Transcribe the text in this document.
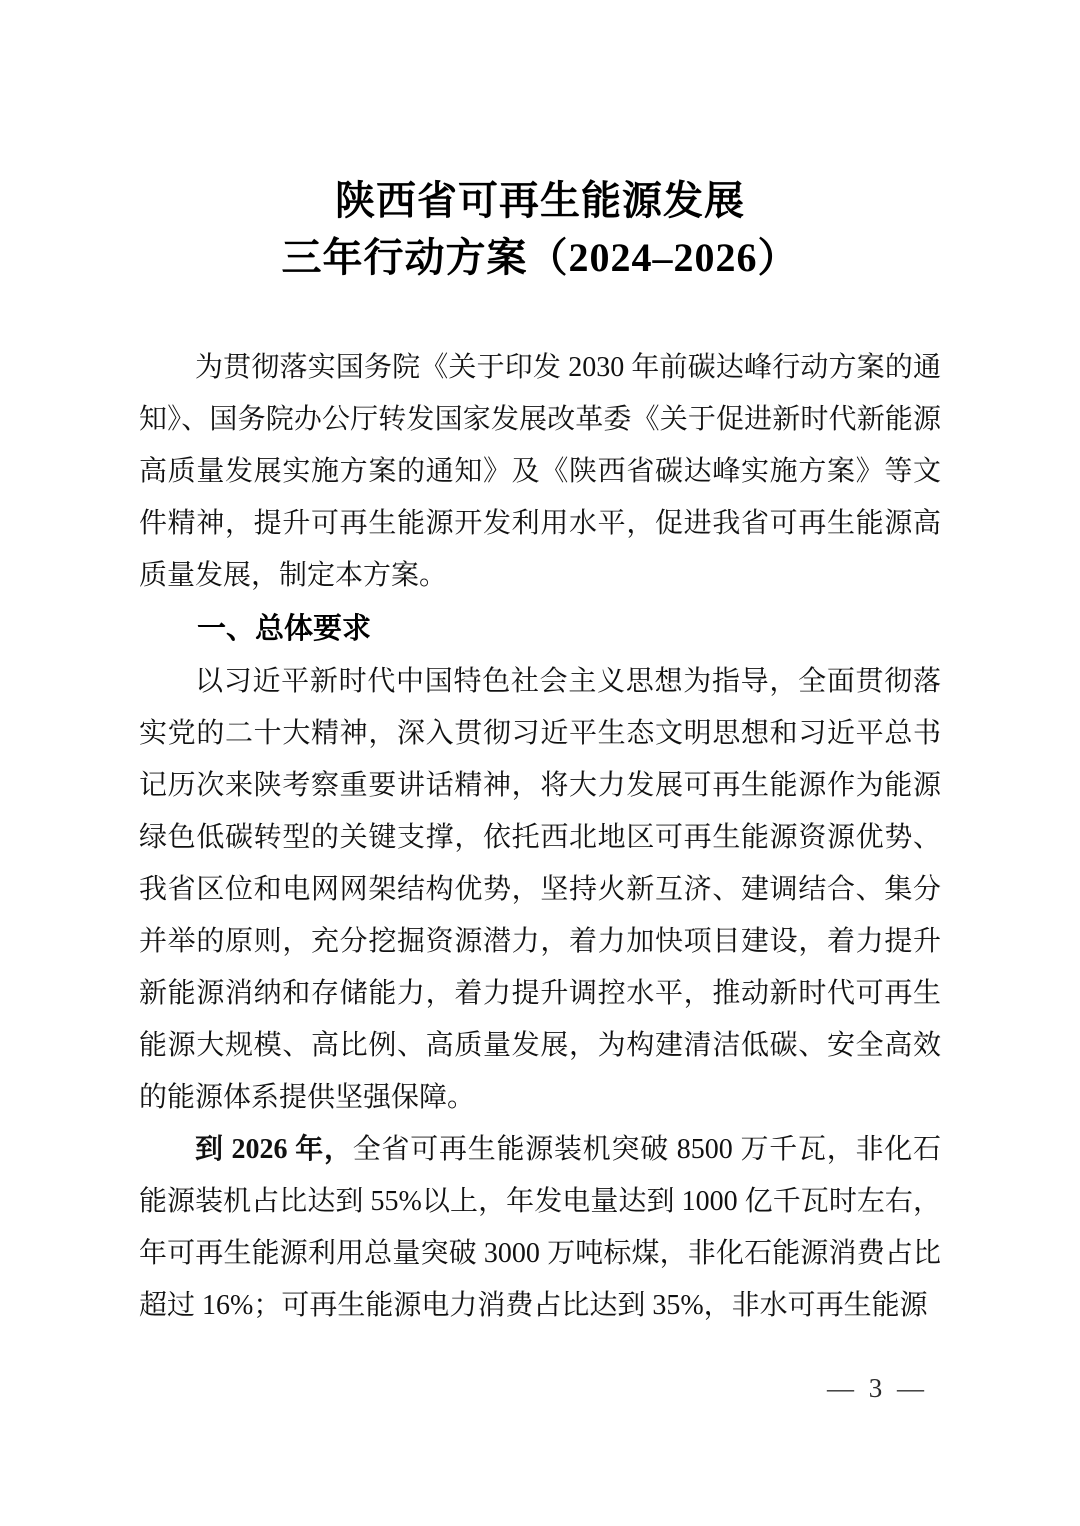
陕西省可再生能源发展
三年行动方案（2024–2026）

为贯彻落实国务院《关于印发 2030 年前碳达峰行动方案的通知》、国务院办公厅转发国家发展改革委《关于促进新时代新能源高质量发展实施方案的通知》及《陕西省碳达峰实施方案》等文件精神，提升可再生能源开发利用水平，促进我省可再生能源高质量发展，制定本方案。

一、总体要求

以习近平新时代中国特色社会主义思想为指导，全面贯彻落实党的二十大精神，深入贯彻习近平生态文明思想和习近平总书记历次来陕考察重要讲话精神，将大力发展可再生能源作为能源绿色低碳转型的关键支撑，依托西北地区可再生能源资源优势、我省区位和电网网架结构优势，坚持火新互济、建调结合、集分并举的原则，充分挖掘资源潜力，着力加快项目建设，着力提升新能源消纳和存储能力，着力提升调控水平，推动新时代可再生能源大规模、高比例、高质量发展，为构建清洁低碳、安全高效的能源体系提供坚强保障。

到 2026 年，全省可再生能源装机突破 8500 万千瓦，非化石能源装机占比达到 55%以上，年发电量达到 1000 亿千瓦时左右，年可再生能源利用总量突破 3000 万吨标煤，非化石能源消费占比超过 16%；可再生能源电力消费占比达到 35%，非水可再生能源

— 3 —
